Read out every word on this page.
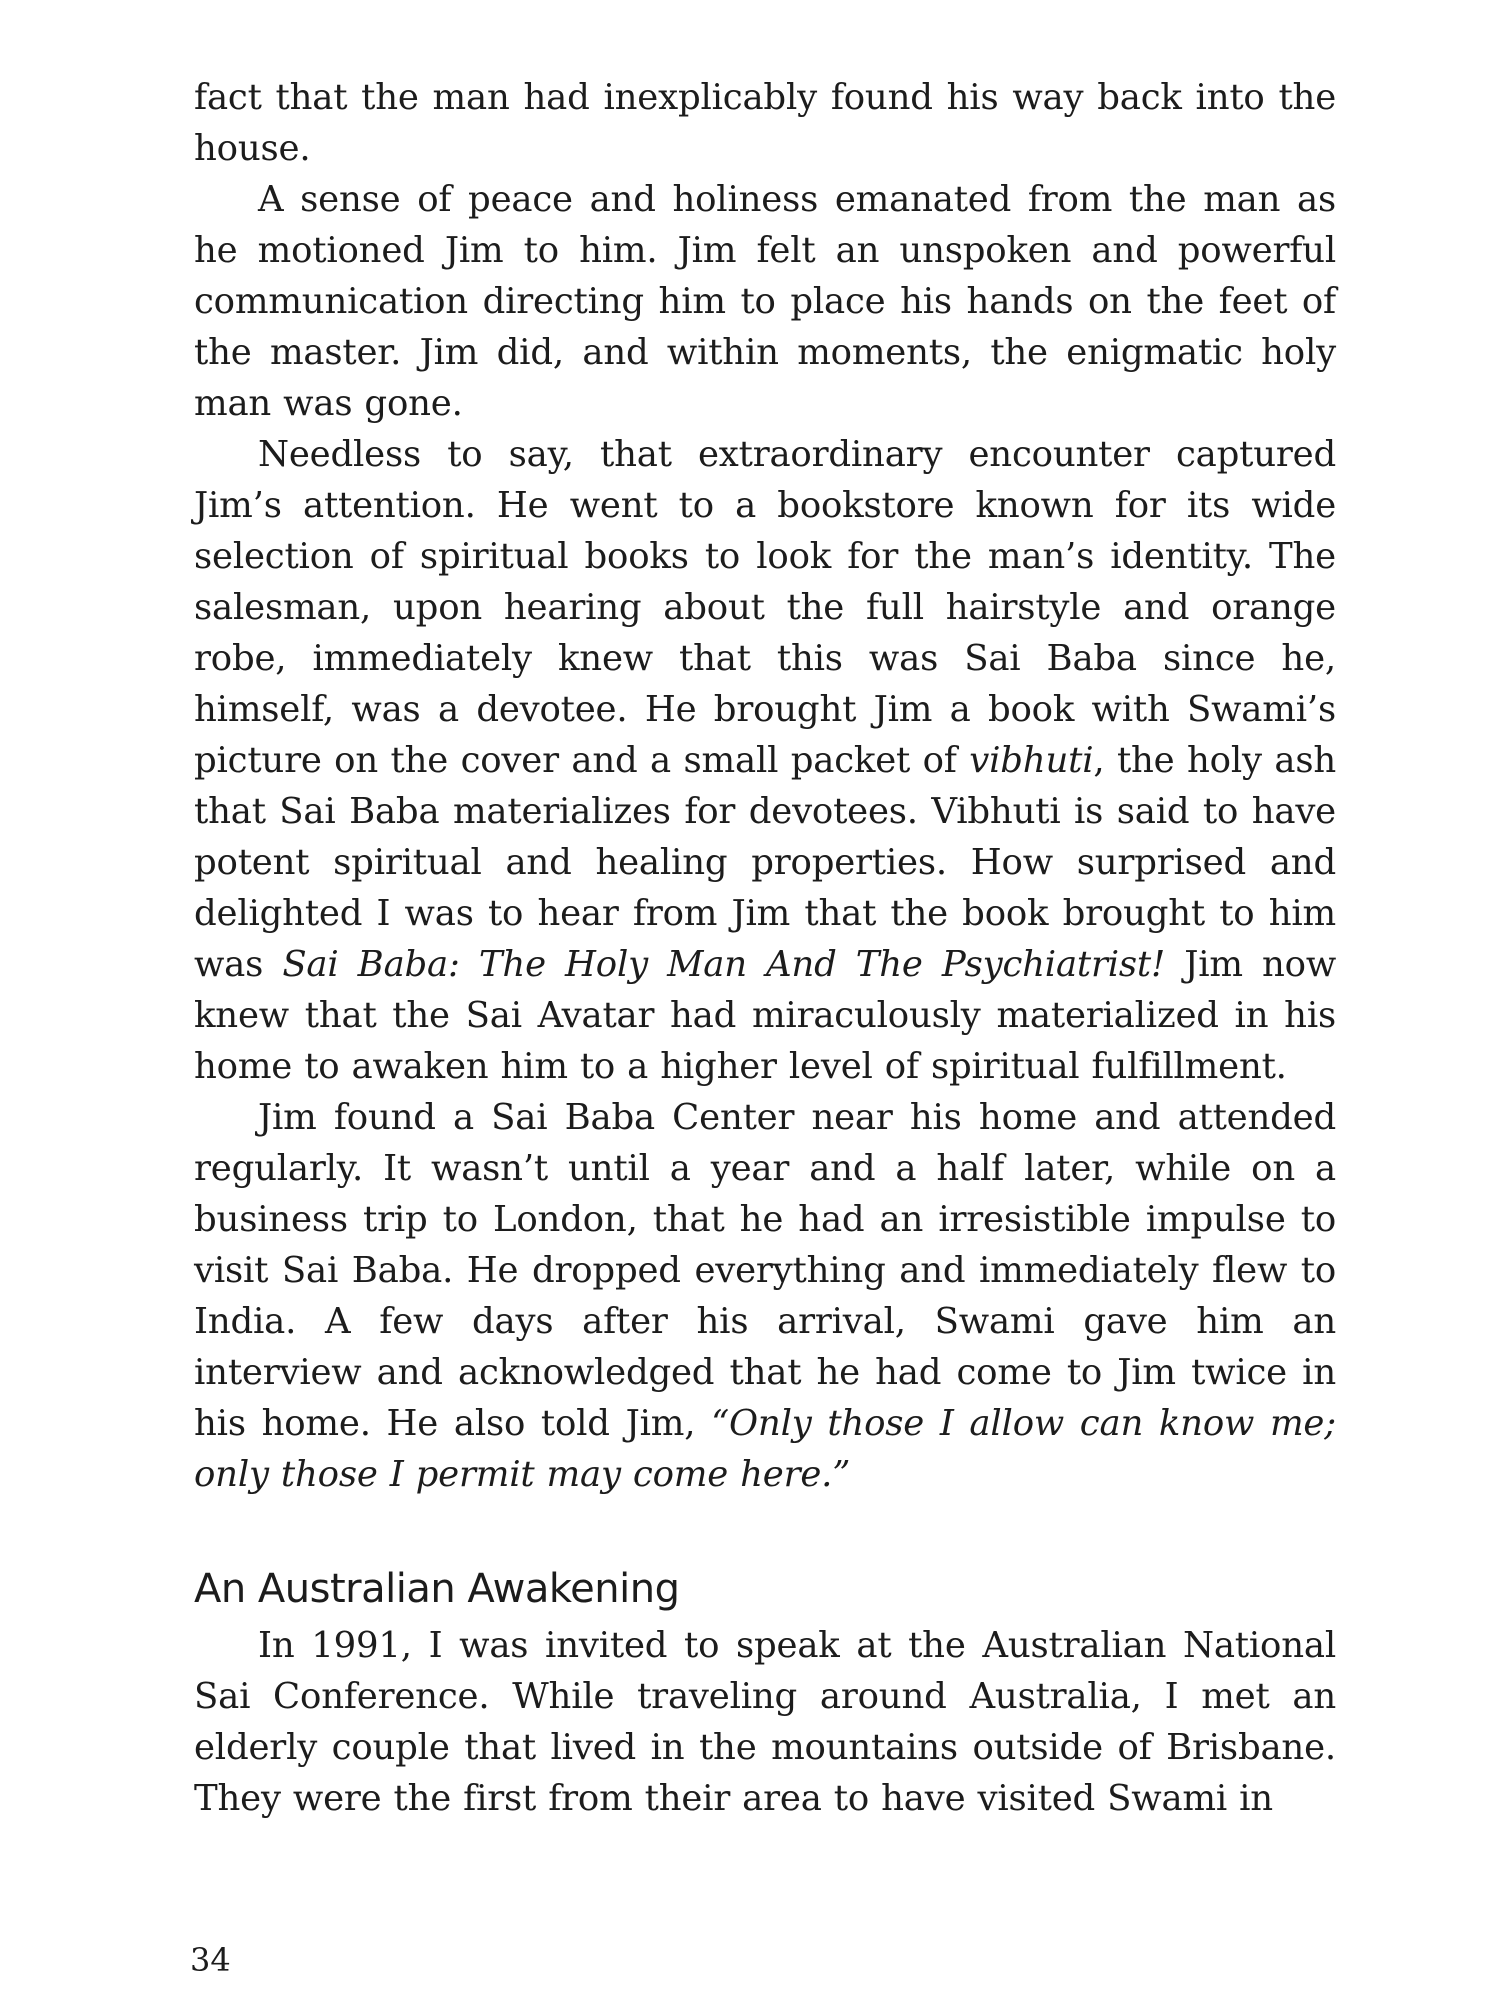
fact that the man had inexplicably found his way back into the house.

A sense of peace and holiness emanated from the man as he motioned Jim to him. Jim felt an unspoken and powerful communication directing him to place his hands on the feet of the master. Jim did, and within moments, the enigmatic holy man was gone.

Needless to say, that extraordinary encounter captured Jim’s attention. He went to a bookstore known for its wide selection of spiritual books to look for the man’s identity. The salesman, upon hearing about the full hairstyle and orange robe, immediately knew that this was Sai Baba since he, himself, was a devotee. He brought Jim a book with Swami’s picture on the cover and a small packet of vibhuti, the holy ash that Sai Baba materializes for devotees. Vibhuti is said to have potent spiritual and healing properties. How surprised and delighted I was to hear from Jim that the book brought to him was Sai Baba: The Holy Man And The Psychiatrist! Jim now knew that the Sai Avatar had miraculously materialized in his home to awaken him to a higher level of spiritual fulfillment.

Jim found a Sai Baba Center near his home and attended regularly. It wasn’t until a year and a half later, while on a business trip to London, that he had an irresistible impulse to visit Sai Baba. He dropped everything and immediately flew to India. A few days after his arrival, Swami gave him an interview and acknowledged that he had come to Jim twice in his home. He also told Jim, “Only those I allow can know me; only those I permit may come here.”

An Australian Awakening

In 1991, I was invited to speak at the Australian National Sai Conference. While traveling around Australia, I met an elderly couple that lived in the mountains outside of Brisbane. They were the first from their area to have visited Swami in

34
